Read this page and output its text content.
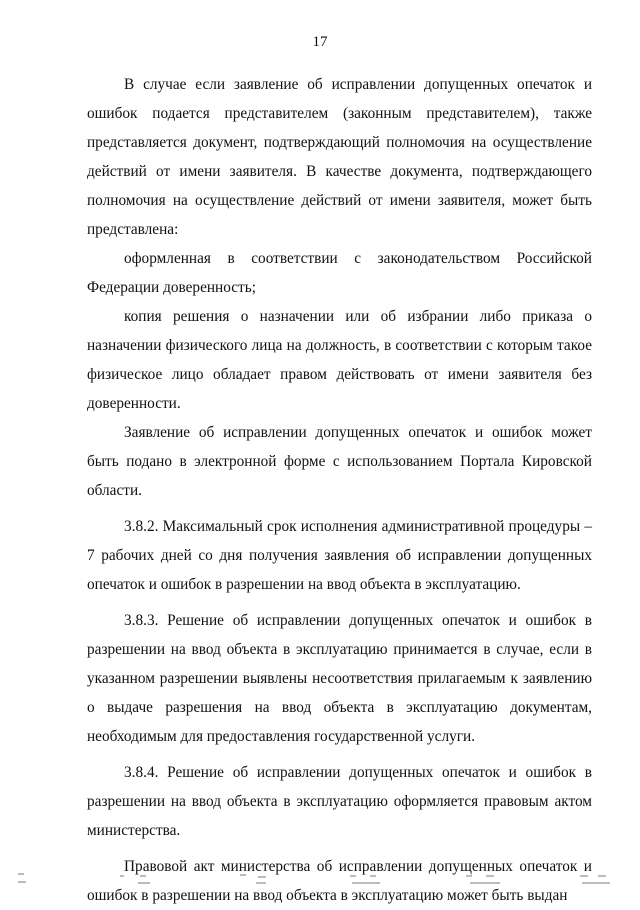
17

В случае если заявление об исправлении допущенных опечаток и ошибок подается представителем (законным представителем), также представляется документ, подтверждающий полномочия на осуществление действий от имени заявителя. В качестве документа, подтверждающего полномочия на осуществление действий от имени заявителя, может быть представлена:

оформленная в соответствии с законодательством Российской Федерации доверенность;

копия решения о назначении или об избрании либо приказа о назначении физического лица на должность, в соответствии с которым такое физическое лицо обладает правом действовать от имени заявителя без доверенности.

Заявление об исправлении допущенных опечаток и ошибок может быть подано в электронной форме с использованием Портала Кировской области.

3.8.2. Максимальный срок исполнения административной процедуры – 7 рабочих дней со дня получения заявления об исправлении допущенных опечаток и ошибок в разрешении на ввод объекта в эксплуатацию.

3.8.3. Решение об исправлении допущенных опечаток и ошибок в разрешении на ввод объекта в эксплуатацию принимается в случае, если в указанном разрешении выявлены несоответствия прилагаемым к заявлению о выдаче разрешения на ввод объекта в эксплуатацию документам, необходимым для предоставления государственной услуги.

3.8.4. Решение об исправлении допущенных опечаток и ошибок в разрешении на ввод объекта в эксплуатацию оформляется правовым актом министерства.

Правовой акт министерства об исправлении допущенных опечаток и ошибок в разрешении на ввод объекта в эксплуатацию может быть выдан
